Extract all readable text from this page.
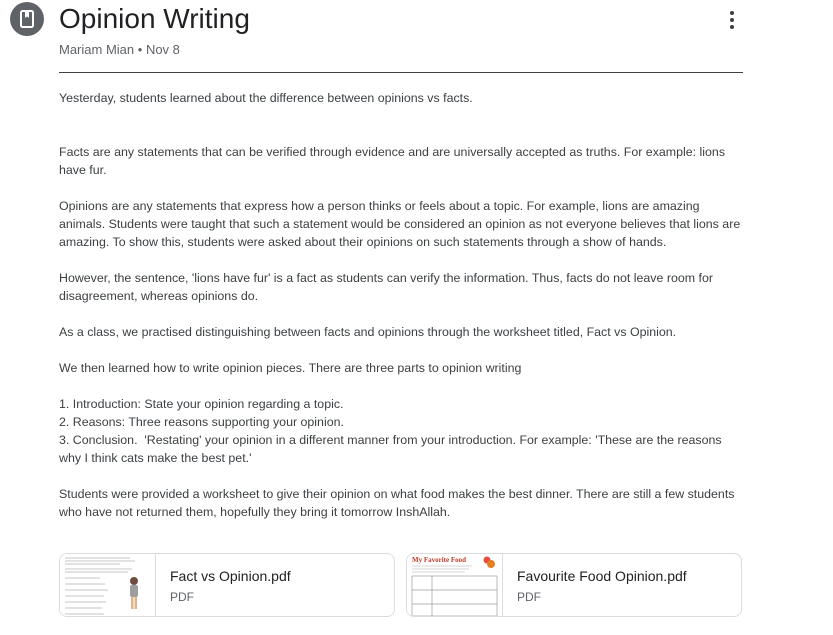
Opinion Writing
Mariam Mian • Nov 8

Yesterday, students learned about the difference between opinions vs facts.

Facts are any statements that can be verified through evidence and are universally accepted as truths. For example: lions have fur.

Opinions are any statements that express how a person thinks or feels about a topic. For example, lions are amazing animals. Students were taught that such a statement would be considered an opinion as not everyone believes that lions are amazing. To show this, students were asked about their opinions on such statements through a show of hands.

However, the sentence, 'lions have fur' is a fact as students can verify the information. Thus, facts do not leave room for disagreement, whereas opinions do.

As a class, we practised distinguishing between facts and opinions through the worksheet titled, Fact vs Opinion.

We then learned how to write opinion pieces. There are three parts to opinion writing

1. Introduction: State your opinion regarding a topic.

2. Reasons: Three reasons supporting your opinion.

3. Conclusion.  'Restating' your opinion in a different manner from your introduction. For example: 'These are the reasons why I think cats make the best pet.'

Students were provided a worksheet to give their opinion on what food makes the best dinner. There are still a few students who have not returned them, hopefully they bring it tomorrow InshAllah.

Fact vs Opinion.pdf
PDF
My Favorite Food
Favourite Food Opinion.pdf
PDF
